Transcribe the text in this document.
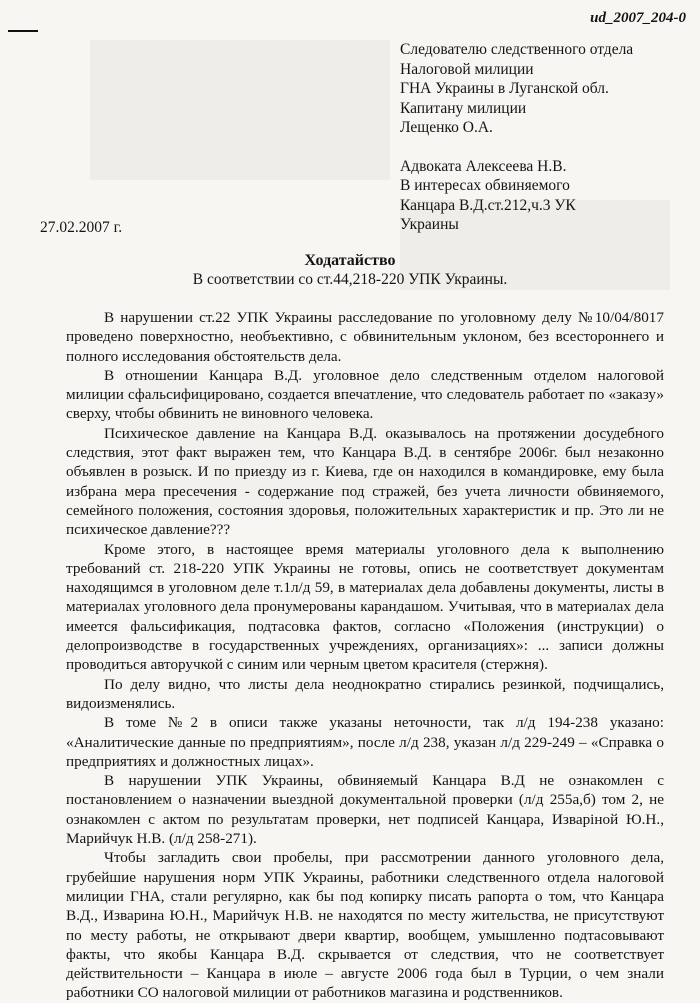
ud_2007_204-0
Следователю следственного отдела
Налоговой милиции
ГНА Украины в Луганской обл.
Капитану милиции
Лещенко О.А.
Адвоката Алексеева Н.В.
В интересах обвиняемого
Канцара В.Д.ст.212,ч.3 УК
Украины
27.02.2007 г.
Ходатайство
В соответствии со ст.44,218-220 УПК Украины.

В нарушении ст.22 УПК Украины расследование по уголовному делу №10/04/8017 проведено поверхностно, необъективно, с обвинительным уклоном, без всестороннего и полного исследования обстоятельств дела.

В отношении Канцара В.Д. уголовное дело следственным отделом налоговой милиции сфальсифицировано, создается впечатление, что следователь работает по «заказу» сверху, чтобы обвинить не виновного человека.

Психическое давление на Канцара В.Д. оказывалось на протяжении досудебного следствия, этот факт выражен тем, что Канцара В.Д. в сентябре 2006г. был незаконно объявлен в розыск. И по приезду из г. Киева, где он находился в командировке, ему была избрана мера пресечения - содержание под стражей, без учета личности обвиняемого, семейного положения, состояния здоровья, положительных характеристик и пр. Это ли не психическое давление???

Кроме этого, в настоящее время материалы уголовного дела к выполнению требований ст. 218-220 УПК Украины не готовы, опись не соответствует документам находящимся в уголовном деле т.1л/д 59, в материалах дела добавлены документы, листы в материалах уголовного дела пронумерованы карандашом. Учитывая, что в материалах дела имеется фальсификация, подтасовка фактов, согласно «Положения (инструкции) о делопроизводстве в государственных учреждениях, организациях»: ... записи должны проводиться авторучкой с синим или черным цветом красителя (стержня).

По делу видно, что листы дела неоднократно стирались резинкой, подчищались, видоизменялись.

В томе №2 в описи также указаны неточности, так л/д 194-238 указано: «Аналитические данные по предприятиям», после л/д 238, указан л/д 229-249 – «Справка о предприятиях и должностных лицах».

В нарушении УПК Украины, обвиняемый Канцара В.Д не ознакомлен с постановлением о назначении выездной документальной проверки (л/д 255а,б) том 2, не ознакомлен с актом по результатам проверки, нет подписей Канцара, Изварiной Ю.Н., Марийчук Н.В. (л/д 258-271).

Чтобы загладить свои пробелы, при рассмотрении данного уголовного дела, грубейшие нарушения норм УПК Украины, работники следственного отдела налоговой милиции ГНА, стали регулярно, как бы под копирку писать рапорта о том, что Канцара В.Д., Изварина Ю.Н., Марийчук Н.В. не находятся по месту жительства, не присутствуют по месту работы, не открывают двери квартир, вообщем, умышленно подтасовывают факты, что якобы Канцара В.Д. скрывается от следствия, что не соответствует действительности – Канцара в июле – августе 2006 года был в Турции, о чем знали работники СО налоговой милиции от работников магазина и родственников.
